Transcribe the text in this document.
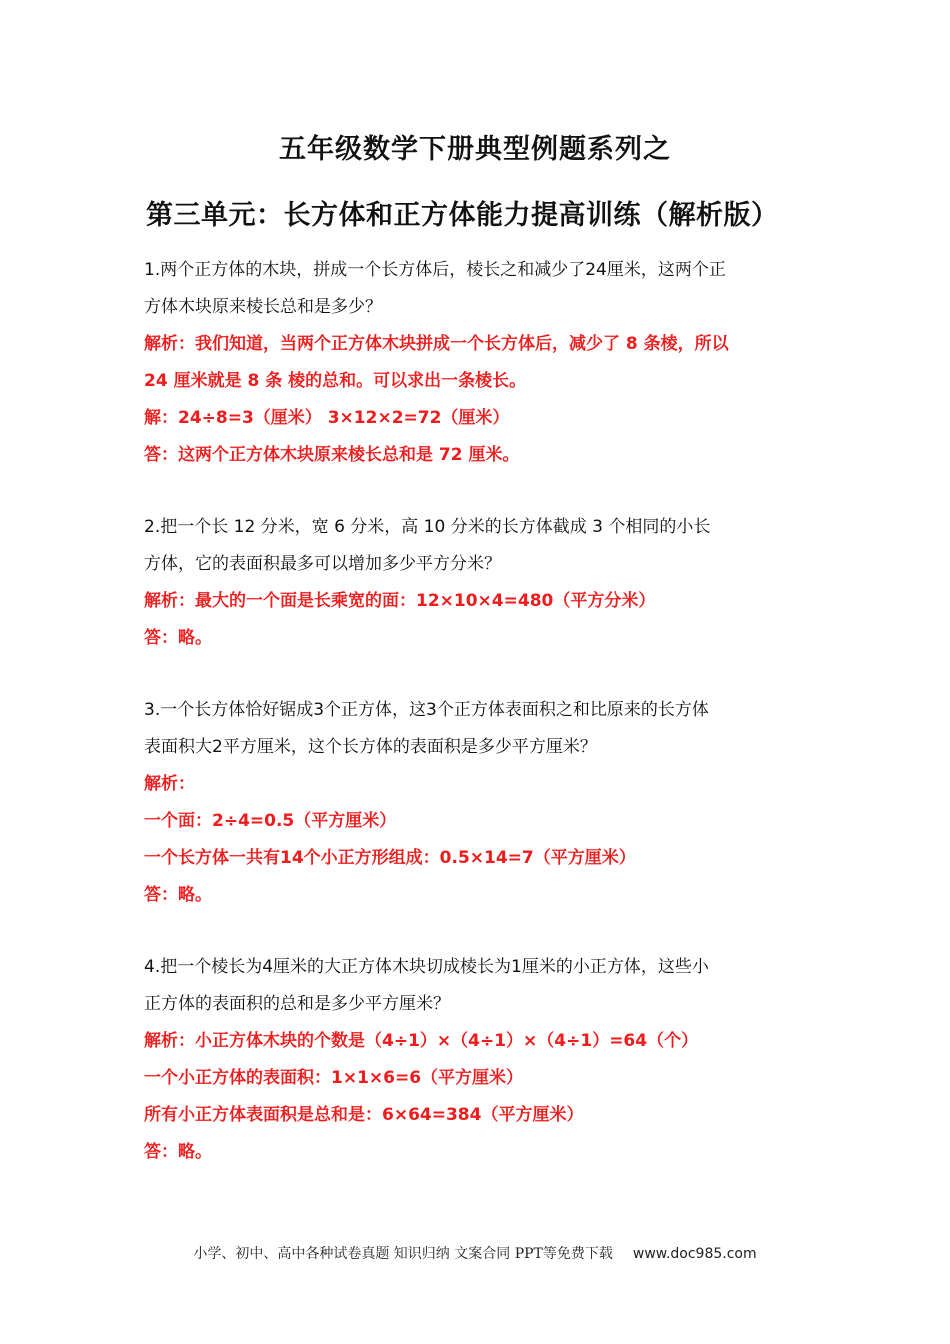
五年级数学下册典型例题系列之
第三单元：长方体和正方体能力提高训练（解析版）

1.两个正方体的木块，拼成一个长方体后，棱长之和减少了24厘米，这两个正

方体木块原来棱长总和是多少？

解析：我们知道，当两个正方体木块拼成一个长方体后，减少了 8 条棱，所以

24 厘米就是 8 条 棱的总和。可以求出一条棱长。

解：24÷8=3（厘米） 3×12×2=72（厘米）

答：这两个正方体木块原来棱长总和是 72 厘米。

2.把一个长 12 分米，宽 6 分米，高 10 分米的长方体截成 3 个相同的小长

方体，它的表面积最多可以增加多少平方分米？

解析：最大的一个面是长乘宽的面：12×10×4=480（平方分米）

答：略。

3.一个长方体恰好锯成3个正方体，这3个正方体表面积之和比原来的长方体

表面积大2平方厘米，这个长方体的表面积是多少平方厘米？

解析：

一个面：2÷4=0.5（平方厘米）

一个长方体一共有14个小正方形组成：0.5×14=7（平方厘米）

答：略。

4.把一个棱长为4厘米的大正方体木块切成棱长为1厘米的小正方体，这些小

正方体的表面积的总和是多少平方厘米？

解析：小正方体木块的个数是（4÷1）×（4÷1）×（4÷1）=64（个）

一个小正方体的表面积：1×1×6=6（平方厘米）

所有小正方体表面积是总和是：6×64=384（平方厘米）

答：略。

小学、初中、高中各种试卷真题 知识归纳 文案合同 PPT等免费下载 www.doc985.com
